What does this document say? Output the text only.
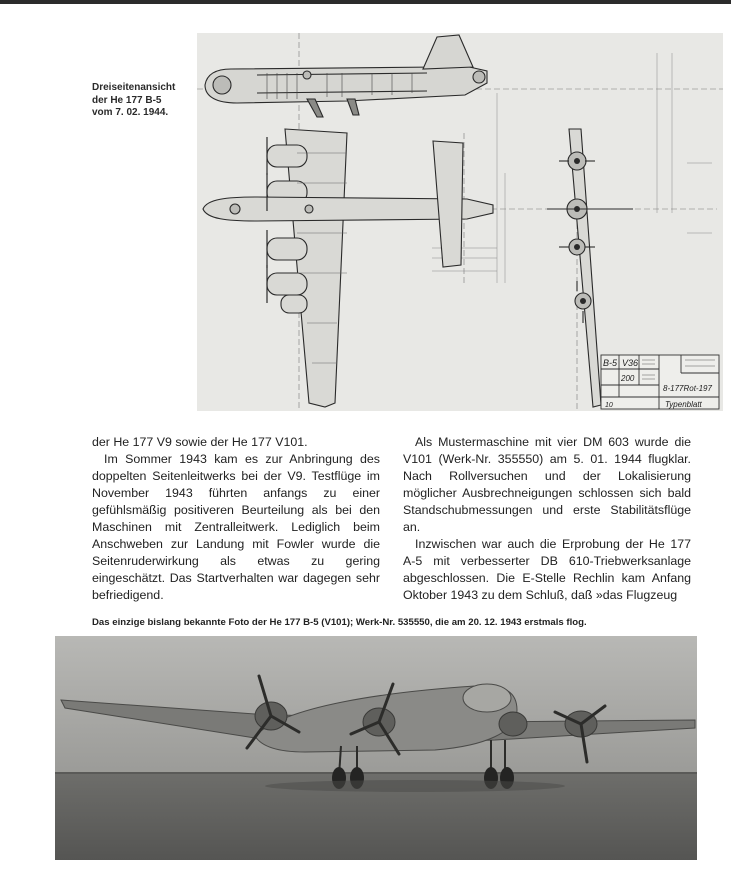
Dreiseitenansicht
der He 177 B-5
vom 7. 02. 1944.
B-5 V36
200
10
8-177Rot-197
Typenblatt

der He 177 V9 sowie der He 177 V101.

Im Sommer 1943 kam es zur Anbringung des doppelten Seitenleitwerks bei der V9. Testflüge im November 1943 führten anfangs zu einer gefühlsmäßig positiveren Beurteilung als bei den Maschinen mit Zentralleitwerk. Lediglich beim Anschweben zur Landung mit Fowler wurde die Seitenruderwirkung als etwas zu gering eingeschätzt. Das Startverhalten war dagegen sehr befriedigend.

Als Mustermaschine mit vier DM 603 wurde die V101 (Werk-Nr. 355550) am 5. 01. 1944 flugklar. Nach Rollversuchen und der Lokalisierung möglicher Ausbrechneigungen schlossen sich bald Standschubmessungen und erste Stabilitätsflüge an.

Inzwischen war auch die Erprobung der He 177 A-5 mit verbesserter DB 610-Triebwerksanlage abgeschlossen. Die E-Stelle Rechlin kam Anfang Oktober 1943 zu dem Schluß, daß »das Flugzeug

Das einzige bislang bekannte Foto der He 177 B-5 (V101); Werk-Nr. 535550, die am 20. 12. 1943 erstmals flog.
